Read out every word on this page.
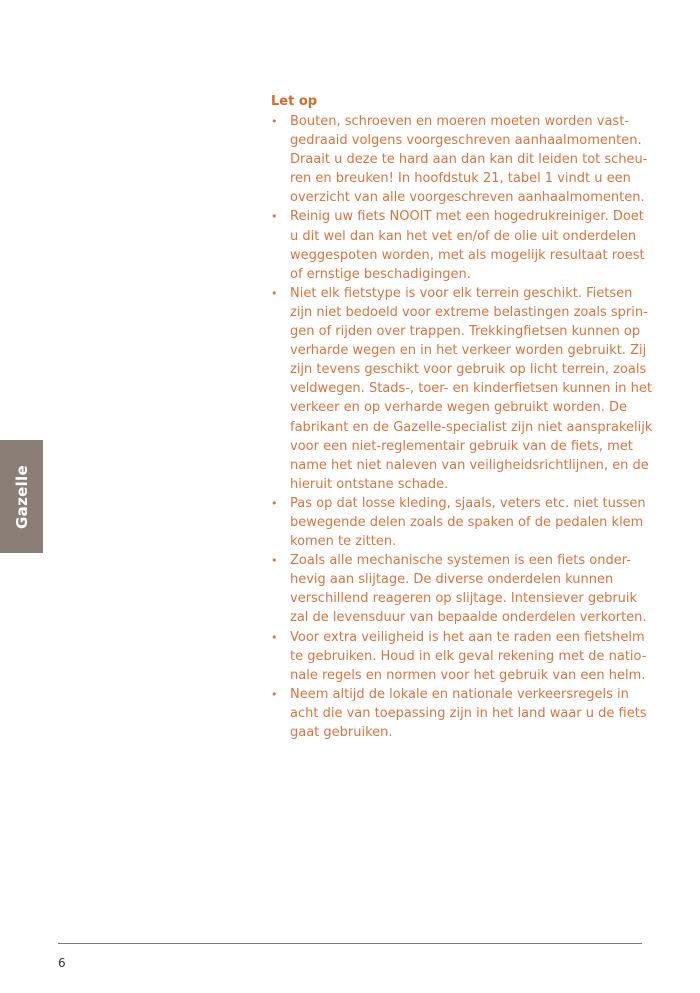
Gazelle
Let op
• Bouten, schroeven en moeren moeten worden vast-
gedraaid volgens voorgeschreven aanhaalmomenten.
Draait u deze te hard aan dan kan dit leiden tot scheu-
ren en breuken! In hoofdstuk 21, tabel 1 vindt u een
overzicht van alle voorgeschreven aanhaalmomenten.
• Reinig uw fiets NOOIT met een hogedrukreiniger. Doet
u dit wel dan kan het vet en/of de olie uit onderdelen
weggespoten worden, met als mogelijk resultaat roest
of ernstige beschadigingen.
• Niet elk fietstype is voor elk terrein geschikt. Fietsen
zijn niet bedoeld voor extreme belastingen zoals sprin-
gen of rijden over trappen. Trekkingfietsen kunnen op
verharde wegen en in het verkeer worden gebruikt. Zij
zijn tevens geschikt voor gebruik op licht terrein, zoals
veldwegen. Stads-, toer- en kinderfietsen kunnen in het
verkeer en op verharde wegen gebruikt worden. De
fabrikant en de Gazelle-specialist zijn niet aansprakelijk
voor een niet-reglementair gebruik van de fiets, met
name het niet naleven van veiligheidsrichtlijnen, en de
hieruit ontstane schade.
• Pas op dat losse kleding, sjaals, veters etc. niet tussen
bewegende delen zoals de spaken of de pedalen klem
komen te zitten.
• Zoals alle mechanische systemen is een fiets onder-
hevig aan slijtage. De diverse onderdelen kunnen
verschillend reageren op slijtage. Intensiever gebruik
zal de levensduur van bepaalde onderdelen verkorten.
• Voor extra veiligheid is het aan te raden een fietshelm
te gebruiken. Houd in elk geval rekening met de natio-
nale regels en normen voor het gebruik van een helm.
• Neem altijd de lokale en nationale verkeersregels in
acht die van toepassing zijn in het land waar u de fiets
gaat gebruiken.
6
